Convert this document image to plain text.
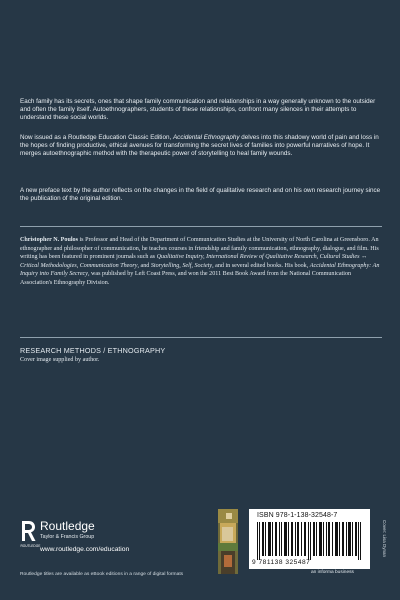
Each family has its secrets, ones that shape family communication and relationships in a way generally unknown to the outsider and often the family itself. Autoethnographers, students of these relationships, confront many silences in their attempts to understand these social worlds.

Now issued as a Routledge Education Classic Edition, Accidental Ethnography delves into this shadowy world of pain and loss in the hopes of finding productive, ethical avenues for transforming the secret lives of families into powerful narratives of hope. It merges autoethnographic method with the therapeutic power of storytelling to heal family wounds.

A new preface text by the author reflects on the changes in the field of qualitative research and on his own research journey since the publication of the original edition.

Christopher N. Poulos is Professor and Head of the Department of Communication Studies at the University of North Carolina at Greensboro. An ethnographer and philosopher of communication, he teaches courses in friendship and family communication, ethnography, dialogue, and film. His writing has been featured in prominent journals such as Qualitative Inquiry, International Review of Qualitative Research, Cultural Studies ↔ Critical Methodologies, Communication Theory, and Storytelling, Self, Society, and in several edited books. His book, Accidental Ethnography: An Inquiry into Family Secrecy, was published by Left Coast Press, and won the 2011 Best Book Award from the National Communication Association's Ethnography Division.
RESEARCH METHODS / ETHNOGRAPHY
Cover image supplied by author.
ROUTLEDGE
Routledge
Taylor & Francis Group
www.routledge.com/education
Routledge titles are available as eBook editions in a range of digital formats
ISBN 978-1-138-32548-7
9 781138 325487
an informa business
Cover: Lisa Dynan
